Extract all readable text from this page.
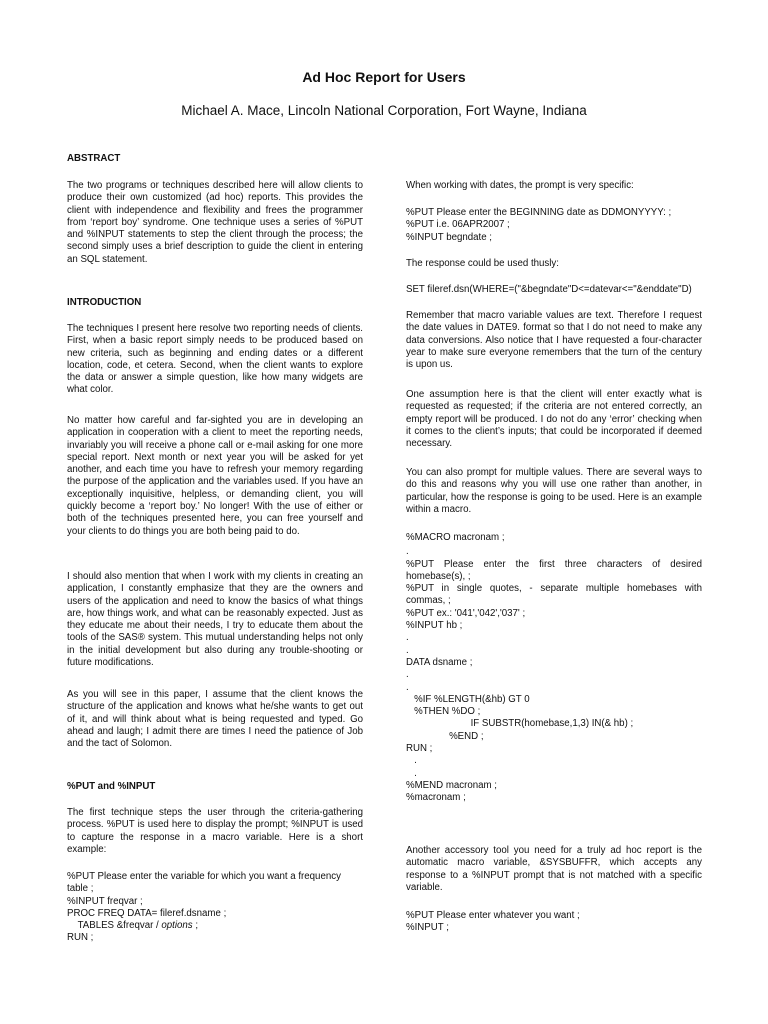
Ad Hoc Report for Users
Michael A. Mace, Lincoln National Corporation, Fort Wayne, Indiana

ABSTRACT

The two programs or techniques described here will allow clients to produce their own customized (ad hoc) reports. This provides the client with independence and flexibility and frees the programmer from ‘report boy’ syndrome. One technique uses a series of %PUT and %INPUT statements to step the client through the process; the second simply uses a brief description to guide the client in entering an SQL statement.

INTRODUCTION

The techniques I present here resolve two reporting needs of clients. First, when a basic report simply needs to be produced based on new criteria, such as beginning and ending dates or a different location, code, et cetera. Second, when the client wants to explore the data or answer a simple question, like how many widgets are what color.

No matter how careful and far-sighted you are in developing an application in cooperation with a client to meet the reporting needs, invariably you will receive a phone call or e-mail asking for one more special report. Next month or next year you will be asked for yet another, and each time you have to refresh your memory regarding the purpose of the application and the variables used. If you have an exceptionally inquisitive, helpless, or demanding client, you will quickly become a ‘report boy.’ No longer! With the use of either or both of the techniques presented here, you can free yourself and your clients to do things you are both being paid to do.

I should also mention that when I work with my clients in creating an application, I constantly emphasize that they are the owners and users of the application and need to know the basics of what things are, how things work, and what can be reasonably expected. Just as they educate me about their needs, I try to educate them about the tools of the SAS® system. This mutual understanding helps not only in the initial development but also during any trouble-shooting or future modifications.

As you will see in this paper, I assume that the client knows the structure of the application and knows what he/she wants to get out of it, and will think about what is being requested and typed. Go ahead and laugh; I admit there are times I need the patience of Job and the tact of Solomon.

%PUT and %INPUT

The first technique steps the user through the criteria-gathering process. %PUT is used here to display the prompt; %INPUT is used to capture the response in a macro variable. Here is a short example:

%PUT Please enter the variable for which you want a frequency table ;
%INPUT freqvar ;
PROC FREQ DATA= fileref.dsname ;
TABLES &freqvar / options ;
RUN ;

When working with dates, the prompt is very specific:

%PUT Please enter the BEGINNING date as DDMONYYYY: ;
%PUT i.e. 06APR2007 ;
%INPUT begndate ;

The response could be used thusly:

SET fileref.dsn(WHERE=("&begndate"D<=datevar<="&enddate"D)

Remember that macro variable values are text. Therefore I request the date values in DATE9. format so that I do not need to make any data conversions. Also notice that I have requested a four-character year to make sure everyone remembers that the turn of the century is upon us.

One assumption here is that the client will enter exactly what is requested as requested; if the criteria are not entered correctly, an empty report will be produced. I do not do any ‘error’ checking when it comes to the client’s inputs; that could be incorporated if deemed necessary.

You can also prompt for multiple values. There are several ways to do this and reasons why you will use one rather than another, in particular, how the response is going to be used. Here is an example within a macro.

%MACRO macronam ;
.
%PUT Please enter the first three characters of desired homebase(s), ;
%PUT in single quotes, - separate multiple homebases with commas, ;
%PUT ex.: '041','042','037' ;
%INPUT hb ;
.
.
DATA dsname ;
.
.
%IF %LENGTH(&hb) GT 0
%THEN %DO ;
IF SUBSTR(homebase,1,3) IN(& hb) ;
%END ;
RUN ;
.
.
%MEND macronam ;
%macronam ;

Another accessory tool you need for a truly ad hoc report is the automatic macro variable, &SYSBUFFR, which accepts any response to a %INPUT prompt that is not matched with a specific variable.

%PUT Please enter whatever you want ;
%INPUT ;
